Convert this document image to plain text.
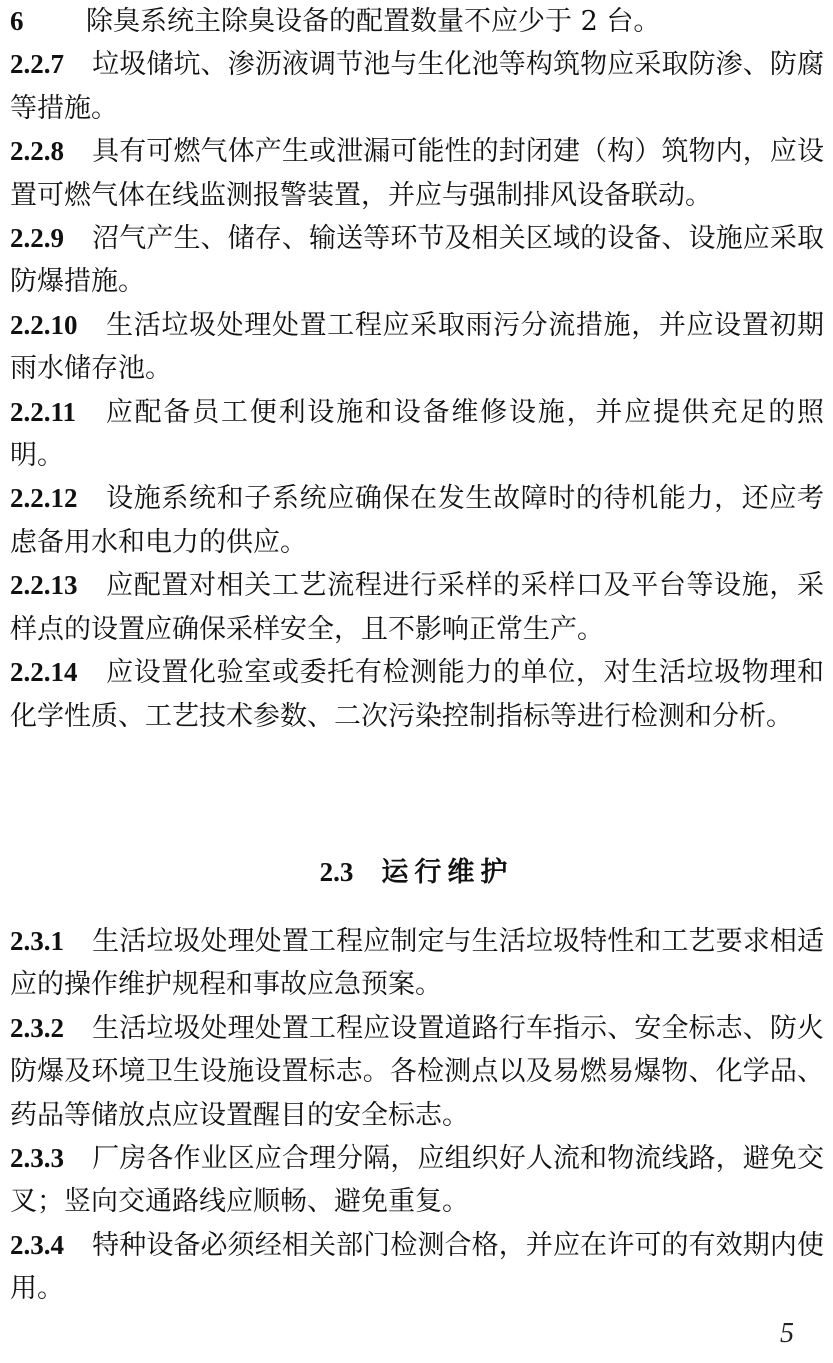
6 除臭系统主除臭设备的配置数量不应少于 2 台。

2.2.7 垃圾储坑、渗沥液调节池与生化池等构筑物应采取防渗、防腐等措施。

2.2.8 具有可燃气体产生或泄漏可能性的封闭建（构）筑物内，应设置可燃气体在线监测报警装置，并应与强制排风设备联动。

2.2.9 沼气产生、储存、输送等环节及相关区域的设备、设施应采取防爆措施。

2.2.10 生活垃圾处理处置工程应采取雨污分流措施，并应设置初期雨水储存池。

2.2.11 应配备员工便利设施和设备维修设施，并应提供充足的照明。

2.2.12 设施系统和子系统应确保在发生故障时的待机能力，还应考虑备用水和电力的供应。

2.2.13 应配置对相关工艺流程进行采样的采样口及平台等设施，采样点的设置应确保采样安全，且不影响正常生产。

2.2.14 应设置化验室或委托有检测能力的单位，对生活垃圾物理和化学性质、工艺技术参数、二次污染控制指标等进行检测和分析。

2.3 运行维护

2.3.1 生活垃圾处理处置工程应制定与生活垃圾特性和工艺要求相适应的操作维护规程和事故应急预案。

2.3.2 生活垃圾处理处置工程应设置道路行车指示、安全标志、防火防爆及环境卫生设施设置标志。各检测点以及易燃易爆物、化学品、药品等储放点应设置醒目的安全标志。

2.3.3 厂房各作业区应合理分隔，应组织好人流和物流线路，避免交叉；竖向交通路线应顺畅、避免重复。

2.3.4 特种设备必须经相关部门检测合格，并应在许可的有效期内使用。

5
